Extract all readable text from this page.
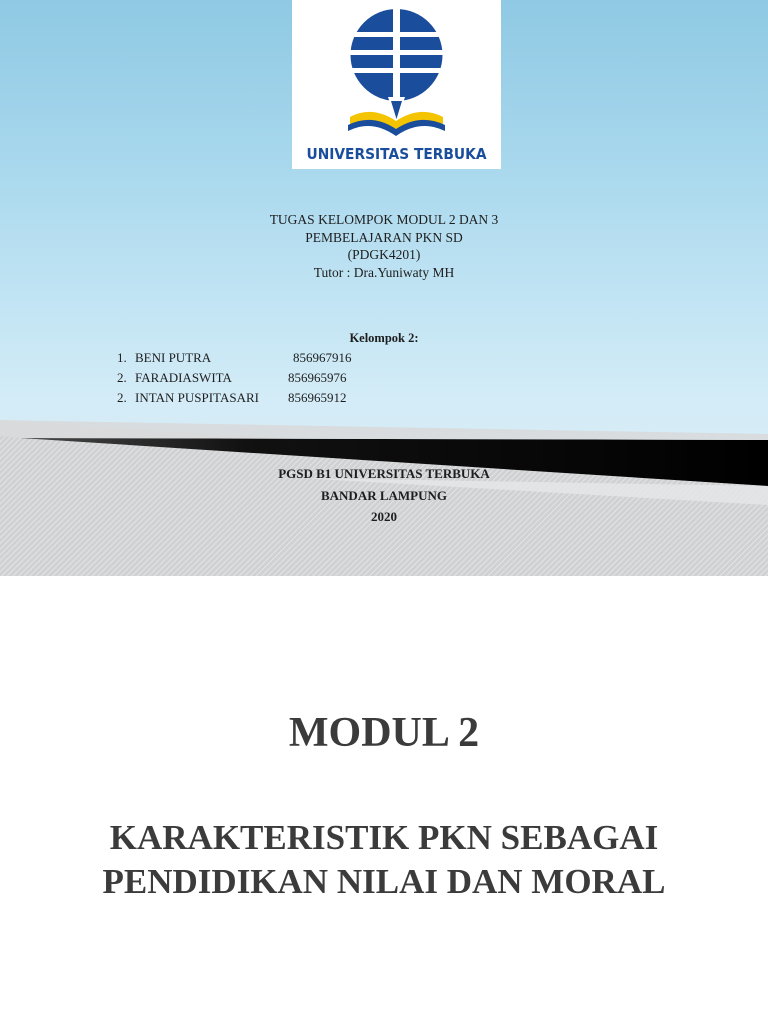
UNIVERSITAS TERBUKA
TUGAS KELOMPOK MODUL 2 DAN 3
PEMBELAJARAN PKN SD
(PDGK4201)
Tutor : Dra.Yuniwaty MH
Kelompok 2:
1. BENI PUTRA	856967916
2. FARADIASWITA	856965976
2. INTAN PUSPITASARI 856965912
PGSD B1 UNIVERSITAS TERBUKA
BANDAR LAMPUNG
2020
MODUL 2
KARAKTERISTIK PKN SEBAGAI
PENDIDIKAN NILAI DAN MORAL
